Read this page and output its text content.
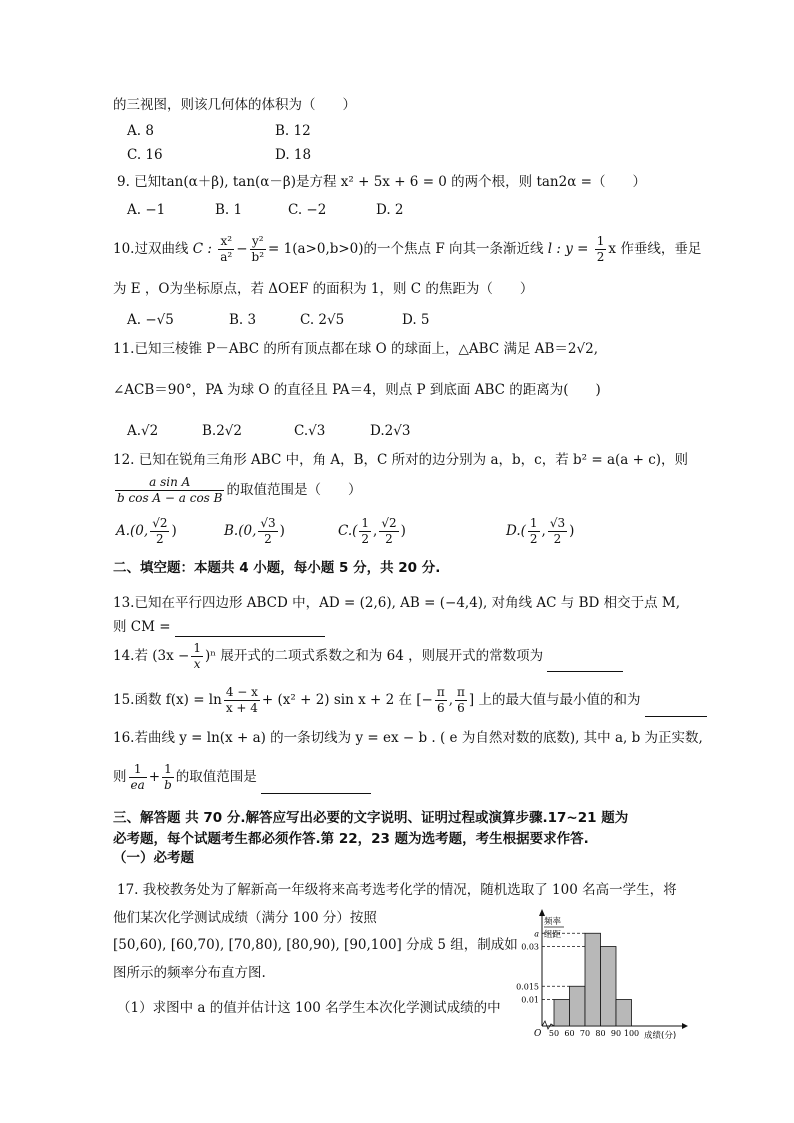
的三视图，则该几何体的体积为（　　）
A. 8	B. 12
C. 16	D. 18
9. 已知tan(α＋β), tan(α－β)是方程 x² + 5x + 6 = 0 的两个根，则 tan2α =（　　）
A. −1	B. 1	C. −2	D. 2
10.过双曲线 C : $\frac{\text{x²}}{\text{a²}} - \frac{\text{y²}}{\text{b²}} = 1(a>0,b>0)$的一个焦点 F 向其一条渐近线 l : $y = \frac{1}{2}$ x 作垂线，垂足
为 E ，O为坐标原点，若 ΔOEF 的面积为 1，则 C 的焦距为（　　）
A. −√5	B. 3	C. 2√5	D. 5
11.已知三棱锥 P－ABC 的所有顶点都在球 O 的球面上，△ABC 满足 AB＝2√2,
∠ACB＝90°，PA 为球 O 的直径且 PA＝4，则点 P 到底面 ABC 的距离为(　　)
A.√2	B.2√2	C.√3	D.2√3
12. 已知在锐角三角形 ABC 中，角 A，B，C 所对的边分别为 a，b，c，若 b² = a(a + c)，则
$\frac{\text{a sin A}}{\text{b cos A − a cos B}}$ 的取值范围是（　　）
A.(0, $\frac{√2}{2}$ )	B.(0, $\frac{√3}{2}$ )	$C.( \frac{1}{2}$ , $\frac{√2}{2}$ )	$D.( \frac{1}{2}$ , $\frac{√3}{2}$ )
二、填空题：本题共 4 小题，每小题 5 分，共 20 分.
13.已知在平行四边形 ABCD 中，AD = (2,6), AB = (−4,4), 对角线 AC 与 BD 相交于点 M,
则 CM =
14.若 $(3x - \frac{1}{x} )^n$ 展开式的二项式系数之和为 64 ，则展开式的常数项为
15.函数 $f(x) = \ln \frac{4 - x}{x + 4} + (x^2 + 2)$ sin x + 2 在 [− $\frac{\pi}{6}$ , $\frac{\pi}{6}$ ] 上的最大值与最小值的和为
16.若曲线 y = ln(x + a) 的一条切线为 y = ex − b . ( e 为自然对数的底数), 其中 a, b 为正实数,
则 $\frac{1}{ea} + \frac{1}{b}$ 的取值范围是
三、解答题 共 70 分.解答应写出必要的文字说明、证明过程或演算步骤.17~21 题为
必考题，每个试题考生都必须作答.第 22，23 题为选考题，考生根据要求作答.
（一）必考题
17. 我校教务处为了解新高一年级将来高考选考化学的情况，随机选取了 100 名高一学生，将
他们某次化学测试成绩（满分 100 分）按照
[50,60), [60,70), [70,80), [80,90), [90,100] 分成 5 组，制成如
图所示的频率分布直方图.
（1）求图中 a 的值并估计这 100 名学生本次化学测试成绩的中
a
0.03
0.015
0.01
50 60 70 80 90 100
O	成绩(分)
频率
组距
